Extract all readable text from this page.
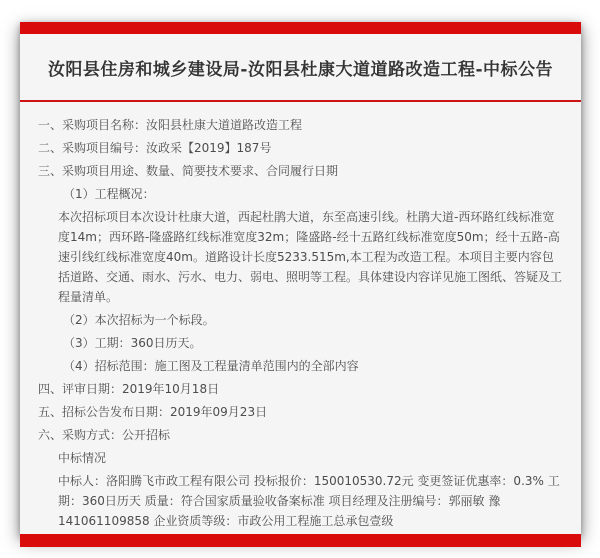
汝阳县住房和城乡建设局-汝阳县杜康大道道路改造工程-中标公告

一、采购项目名称：汝阳县杜康大道道路改造工程

二、采购项目编号：汝政采【2019】187号

三、采购项目用途、数量、简要技术要求、合同履行日期

（1）工程概况：

本次招标项目本次设计杜康大道，西起杜鹃大道，东至高速引线。杜鹃大道-西环路红线标准宽度14m；西环路-隆盛路红线标准宽度32m；隆盛路-经十五路红线标准宽度50m；经十五路-高速引线红线标准宽度40m。道路设计长度5233.515m,本工程为改造工程。本项目主要内容包括道路、交通、雨水、污水、电力、弱电、照明等工程。具体建设内容详见施工图纸、答疑及工程量清单。

（2）本次招标为一个标段。

（3）工期：360日历天。

（4）招标范围：施工图及工程量清单范围内的全部内容

四、评审日期：2019年10月18日

五、招标公告发布日期：2019年09月23日

六、采购方式：公开招标

中标情况

中标人：洛阳腾飞市政工程有限公司 投标报价：150010530.72元 变更签证优惠率：0.3% 工期：360日历天 质量：符合国家质量验收备案标准 项目经理及注册编号：郭丽敏 豫141061109858 企业资质等级：市政公用工程施工总承包壹级
